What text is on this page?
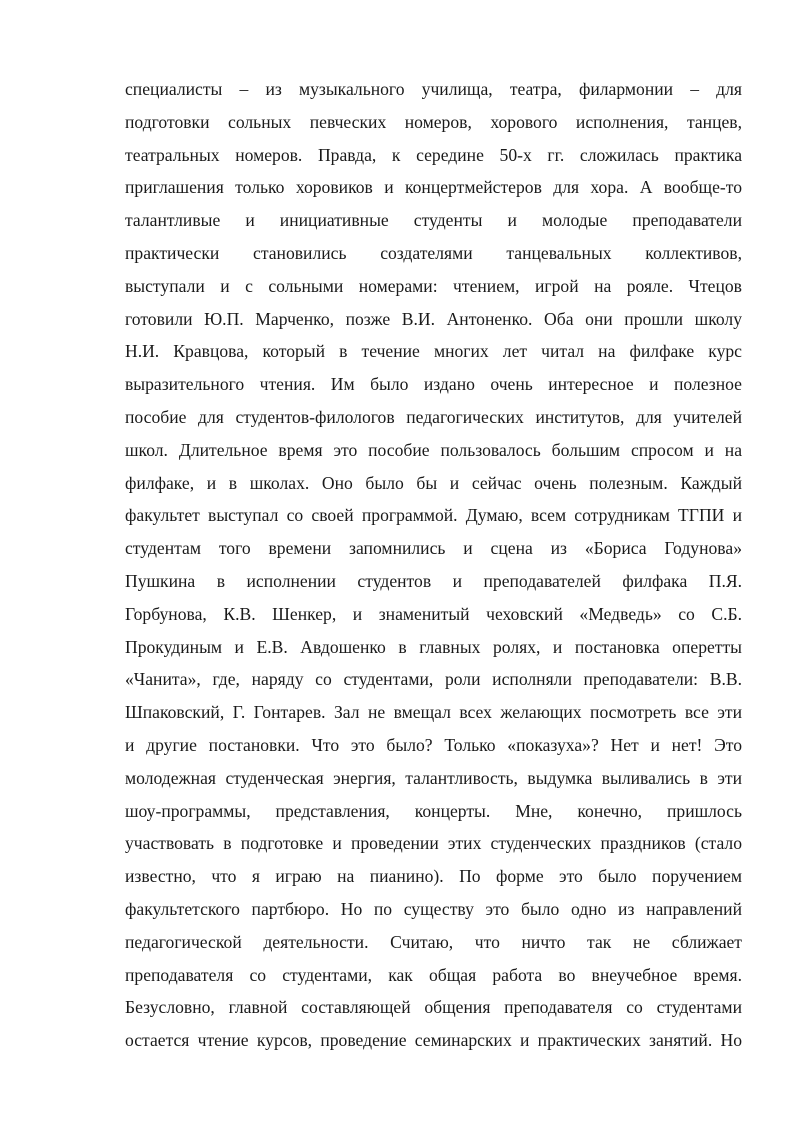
специалисты – из музыкального училища, театра, филармонии – для
подготовки сольных певческих номеров, хорового исполнения, танцев,
театральных номеров. Правда, к середине 50-х гг. сложилась практика
приглашения только хоровиков и концертмейстеров для хора. А вообще-то
талантливые и инициативные студенты и молодые преподаватели
практически становились создателями танцевальных коллективов,
выступали и с сольными номерами: чтением, игрой на рояле. Чтецов
готовили Ю.П. Марченко, позже В.И. Антоненко. Оба они прошли школу
Н.И. Кравцова, который в течение многих лет читал на филфаке курс
выразительного чтения. Им было издано очень интересное и полезное
пособие для студентов-филологов педагогических институтов, для учителей
школ. Длительное время это пособие пользовалось большим спросом и на
филфаке, и в школах. Оно было бы и сейчас очень полезным. Каждый
факультет выступал со своей программой. Думаю, всем сотрудникам ТГПИ и
студентам того времени запомнились и сцена из «Бориса Годунова»
Пушкина в исполнении студентов и преподавателей филфака П.Я.
Горбунова, К.В. Шенкер, и знаменитый чеховский «Медведь» со С.Б.
Прокудиным и Е.В. Авдошенко в главных ролях, и постановка оперетты
«Чанита», где, наряду со студентами, роли исполняли преподаватели: В.В.
Шпаковский, Г. Гонтарев. Зал не вмещал всех желающих посмотреть все эти
и другие постановки. Что это было? Только «показуха»? Нет и нет! Это
молодежная студенческая энергия, талантливость, выдумка выливались в эти
шоу-программы, представления, концерты. Мне, конечно, пришлось
участвовать в подготовке и проведении этих студенческих праздников (стало
известно, что я играю на пианино). По форме это было поручением
факультетского партбюро. Но по существу это было одно из направлений
педагогической деятельности. Считаю, что ничто так не сближает
преподавателя со студентами, как общая работа во внеучебное время.
Безусловно, главной составляющей общения преподавателя со студентами
остается чтение курсов, проведение семинарских и практических занятий. Но
